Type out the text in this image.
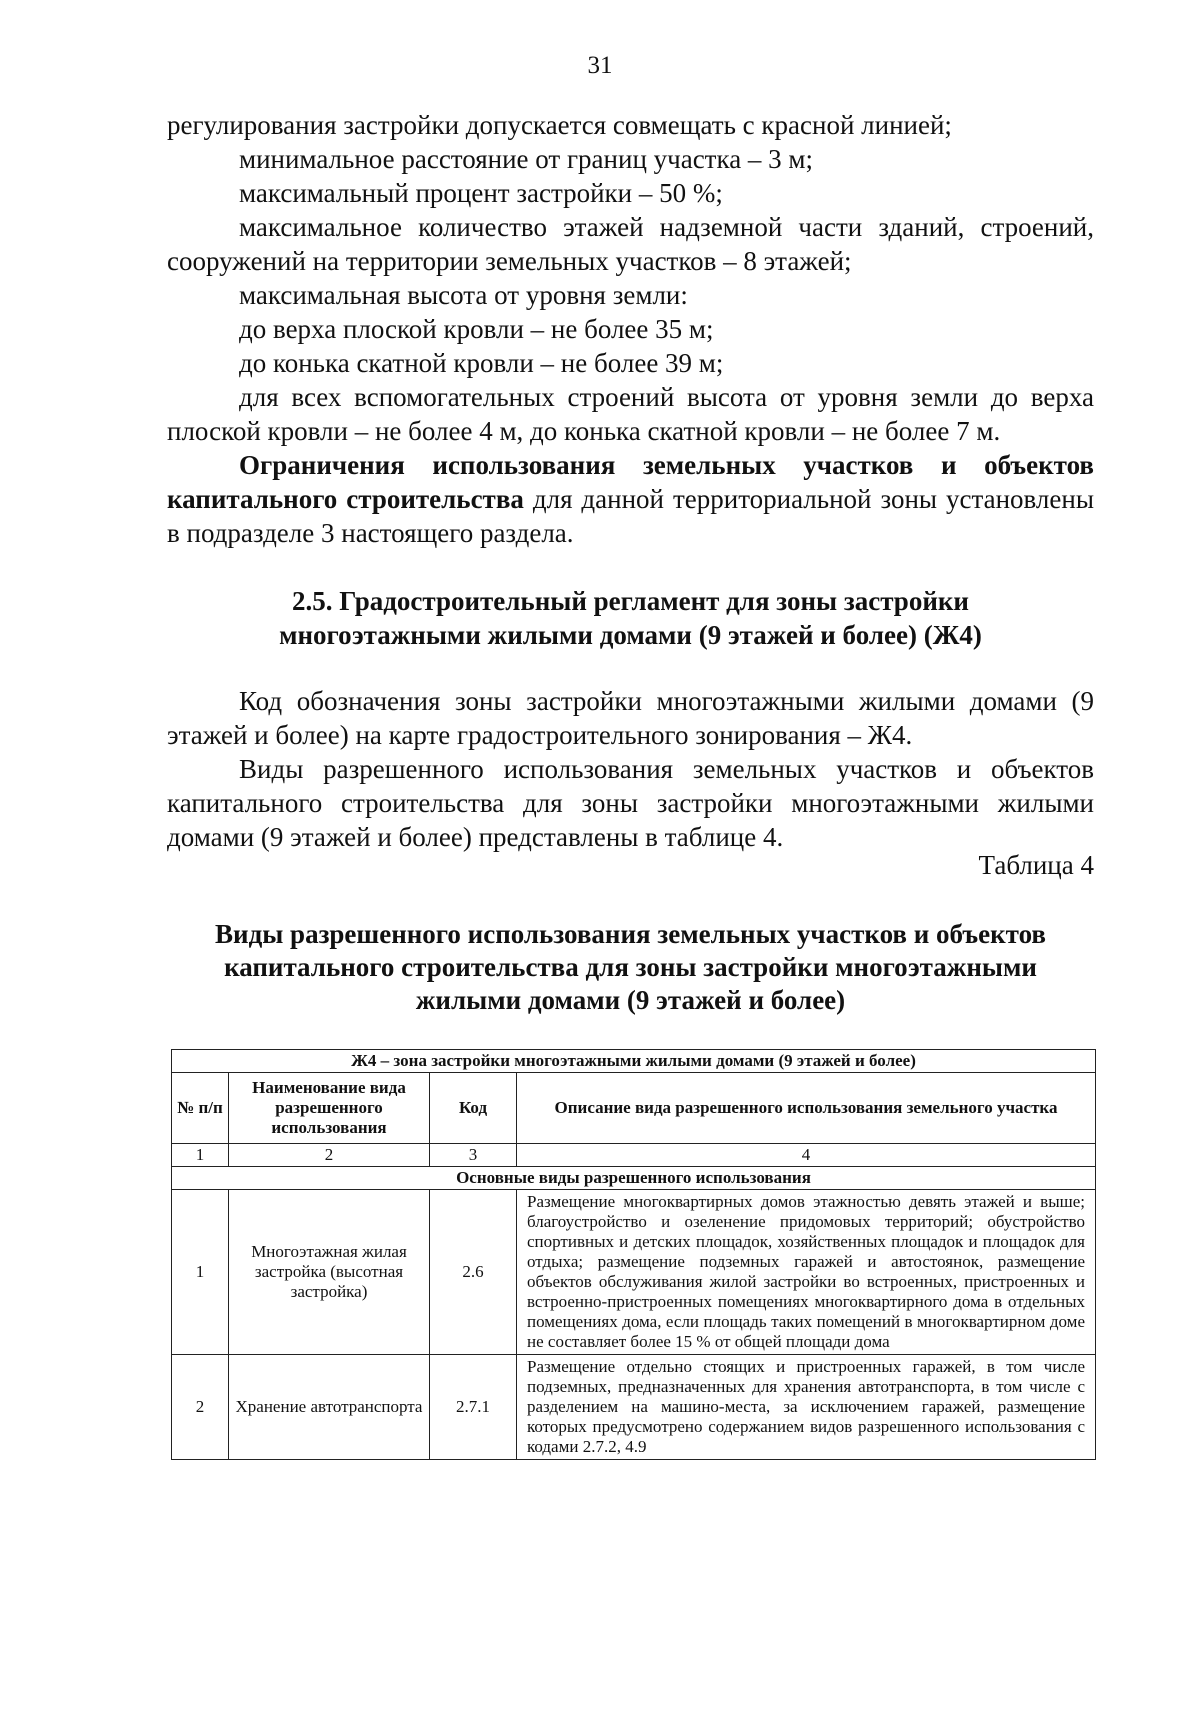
31

регулирования застройки допускается совмещать с красной линией;

минимальное расстояние от границ участка – 3 м;

максимальный процент застройки – 50 %;

максимальное количество этажей надземной части зданий, строений, сооружений на территории земельных участков – 8 этажей;

максимальная высота от уровня земли:

до верха плоской кровли – не более 35 м;

до конька скатной кровли – не более 39 м;

для всех вспомогательных строений высота от уровня земли до верха плоской кровли – не более 4 м, до конька скатной кровли – не более 7 м.

Ограничения использования земельных участков и объектов капитального строительства для данной территориальной зоны установлены в подразделе 3 настоящего раздела.

2.5. Градостроительный регламент для зоны застройки
многоэтажными жилыми домами (9 этажей и более) (Ж4)

Код обозначения зоны застройки многоэтажными жилыми домами (9 этажей и более) на карте градостроительного зонирования – Ж4.

Виды разрешенного использования земельных участков и объектов капитального строительства для зоны застройки многоэтажными жилыми домами (9 этажей и более) представлены в таблице 4.

Таблица 4
Виды разрешенного использования земельных участков и объектов
капитального строительства для зоны застройки многоэтажными
жилыми домами (9 этажей и более)
Ж4 – зона застройки многоэтажными жилыми домами (9 этажей и более)			
№ п/п	Наименование вида разрешенного использования	Код	Описание вида разрешенного использования земельного участка
1	2	3	4
Основные виды разрешенного использования			
1	Многоэтажная жилая застройка (высотная застройка)	2.6	Размещение многоквартирных домов этажностью девять этажей и выше; благоустройство и озеленение придомовых территорий; обустройство спортивных и детских площадок, хозяйственных площадок и площадок для отдыха; размещение подземных гаражей и автостоянок, размещение объектов обслуживания жилой застройки во встроенных, пристроенных и встроенно-пристроенных помещениях многоквартирного дома в отдельных помещениях дома, если площадь таких помещений в многоквартирном доме не составляет более 15 % от общей площади дома
2	Хранение автотранспорта	2.7.1	Размещение отдельно стоящих и пристроенных гаражей, в том числе подземных, предназначенных для хранения автотранспорта, в том числе с разделением на машино-места, за исключением гаражей, размещение которых предусмотрено содержанием видов разрешенного использования с кодами 2.7.2, 4.9
